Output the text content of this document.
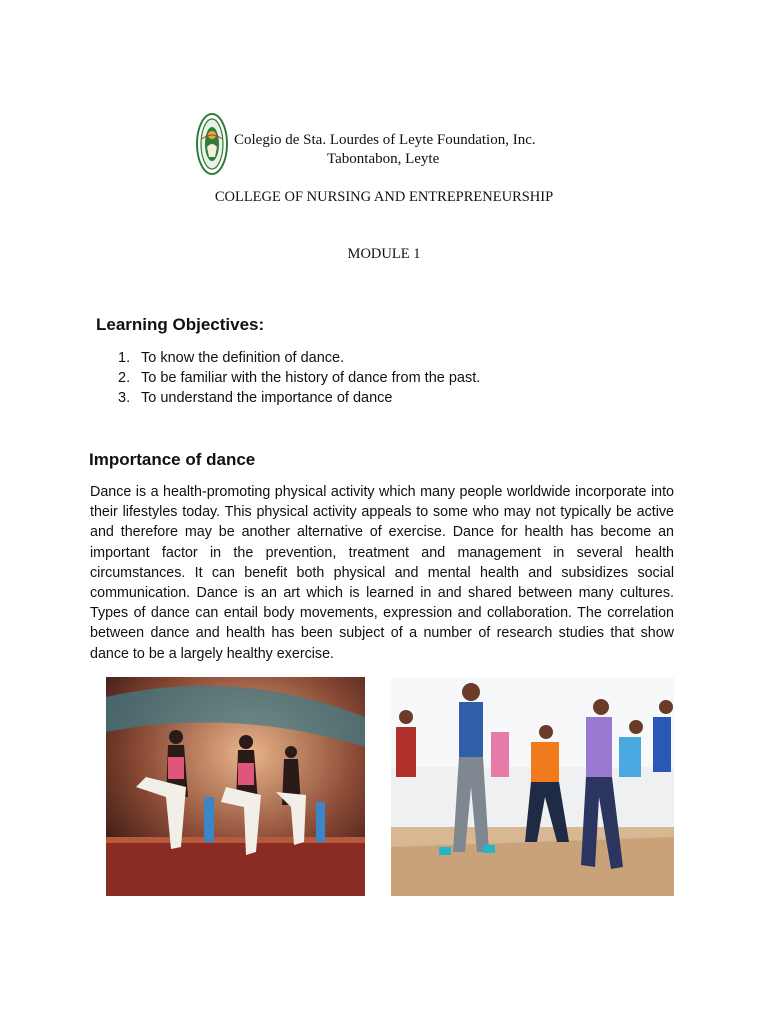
Colegio de Sta. Lourdes of Leyte Foundation, Inc.
Tabontabon, Leyte
COLLEGE OF NURSING AND ENTREPRENEURSHIP
MODULE 1
Learning Objectives:
1. To know the definition of dance.
2. To be familiar with the history of dance from the past.
3. To understand the importance of dance
Importance of dance

Dance is a health-promoting physical activity which many people worldwide incorporate into their lifestyles today. This physical activity appeals to some who may not typically be active and therefore may be another alternative of exercise. Dance for health has become an important factor in the prevention, treatment and management in several health circumstances. It can benefit both physical and mental health and subsidizes social communication. Dance is an art which is learned in and shared between many cultures. Types of dance can entail body movements, expression and collaboration. The correlation between dance and health has been subject of a number of research studies that show dance to be a largely healthy exercise.
